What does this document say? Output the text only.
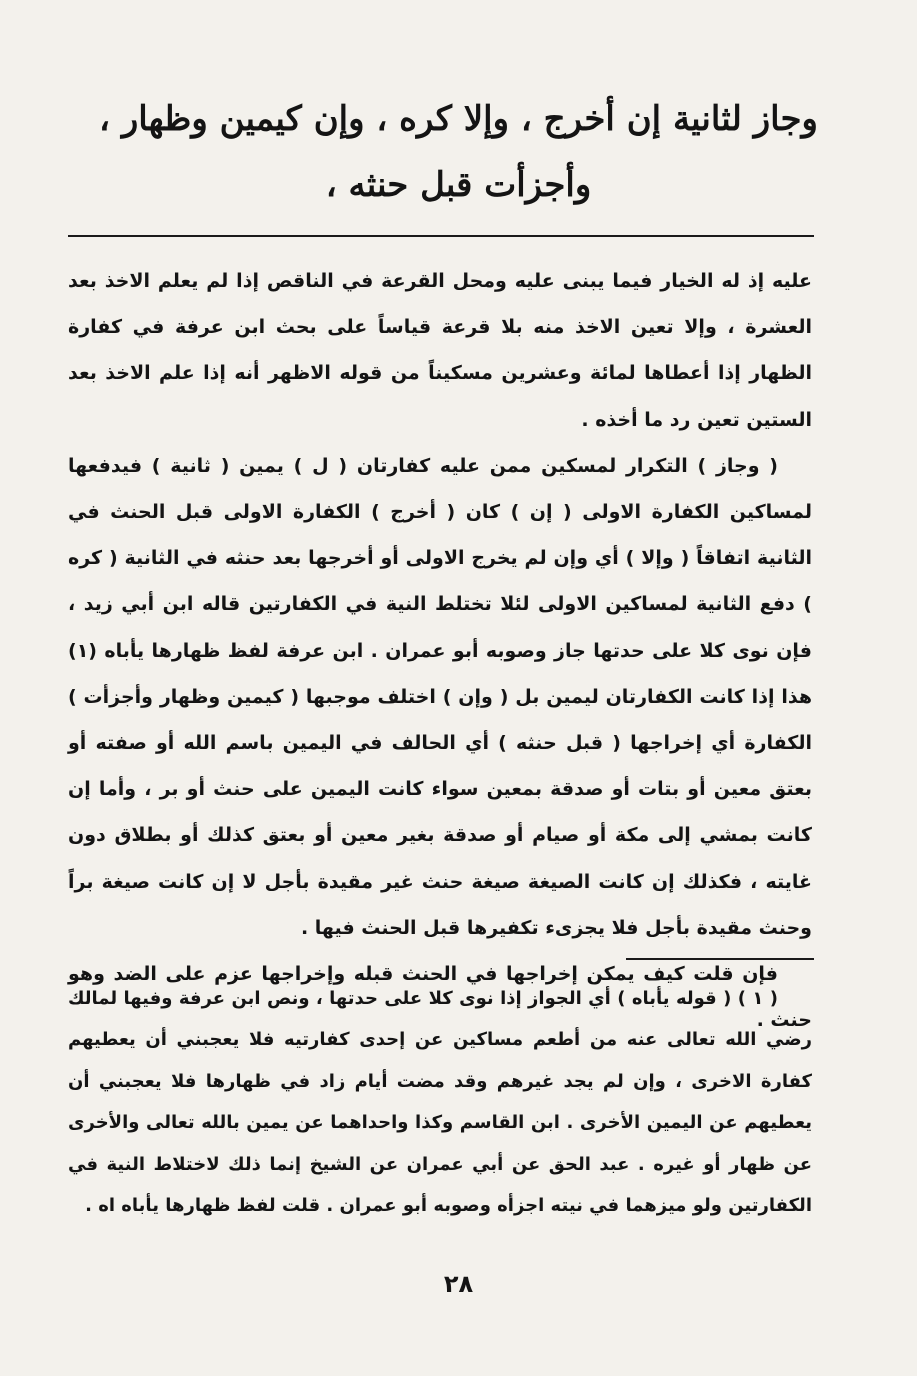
وجاز لثانية إن أخرج ، وإلا كره ، وإن كيمين وظهار ،
وأجزأت قبل حنثه ،

عليه إذ له الخيار فيما يبنى عليه ومحل القرعة في الناقص إذا لم يعلم الاخذ بعد العشرة ، وإلا تعين الاخذ منه بلا قرعة قياساً على بحث ابن عرفة في كفارة الظهار إذا أعطاها لمائة وعشرين مسكيناً من قوله الاظهر أنه إذا علم الاخذ بعد الستين تعين رد ما أخذه .

( وجاز ) التكرار لمسكين ممن عليه كفارتان ( ل ) يمين ( ثانية ) فيدفعها لمساكين الكفارة الاولى ( إن ) كان ( أخرج ) الكفارة الاولى قبل الحنث في الثانية اتفاقاً ( وإلا ) أي وإن لم يخرج الاولى أو أخرجها بعد حنثه في الثانية ( كره ) دفع الثانية لمساكين الاولى لئلا تختلط النية في الكفارتين قاله ابن أبي زيد ، فإن نوى كلا على حدتها جاز وصوبه أبو عمران . ابن عرفة لفظ ظهارها يأباه (١) هذا إذا كانت الكفارتان ليمين بل ( وإن ) اختلف موجبها ( كيمين وظهار وأجزأت ) الكفارة أي إخراجها ( قبل حنثه ) أي الحالف في اليمين باسم الله أو صفته أو بعتق معين أو بتات أو صدقة بمعين سواء كانت اليمين على حنث أو بر ، وأما إن كانت بمشي إلى مكة أو صيام أو صدقة بغير معين أو بعتق كذلك أو بطلاق دون غايته ، فكذلك إن كانت الصيغة صيغة حنث غير مقيدة بأجل لا إن كانت صيغة براً وحنث مقيدة بأجل فلا يجزىء تكفيرها قبل الحنث فيها .

فإن قلت كيف يمكن إخراجها في الحنث قبله وإخراجها عزم على الضد وهو حنث .

( ١ ) ( قوله يأباه ) أي الجواز إذا نوى كلا على حدتها ، ونص ابن عرفة وفيها لمالك رضي الله تعالى عنه من أطعم مساكين عن إحدى كفارتيه فلا يعجبني أن يعطيهم كفارة الاخرى ، وإن لم يجد غيرهم وقد مضت أيام زاد في ظهارها فلا يعجبني أن يعطيهم عن اليمين الأخرى . ابن القاسم وكذا واحداهما عن يمين بالله تعالى والأخرى عن ظهار أو غيره . عبد الحق عن أبي عمران عن الشيخ إنما ذلك لاختلاط النية في الكفارتين ولو ميزهما في نيته اجزأه وصوبه أبو عمران . قلت لفظ ظهارها يأباه اه .

٢٨
